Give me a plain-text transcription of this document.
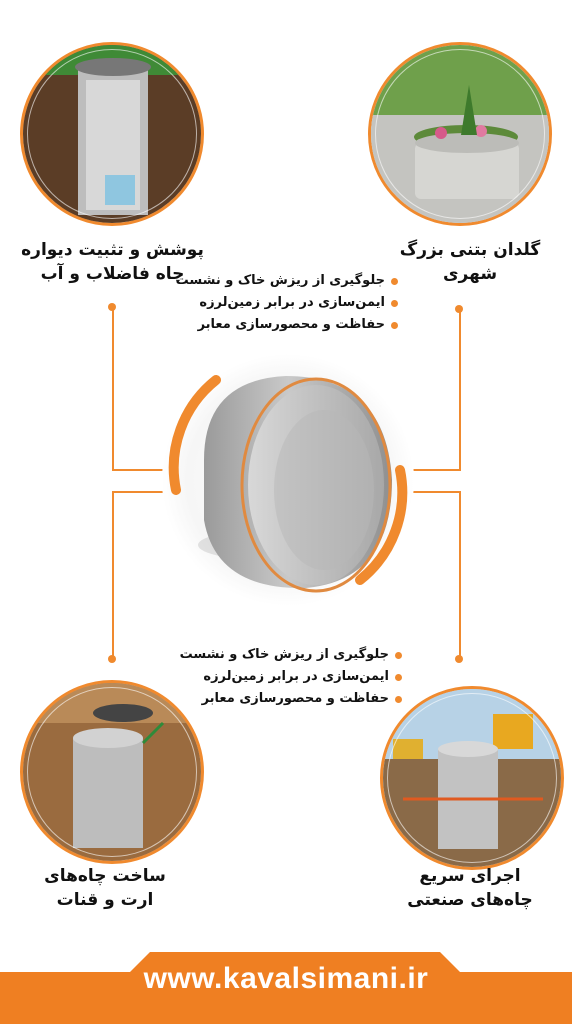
پوشش و تثبیت دیواره
چاه فاضلاب و آب
گلدان بتنی بزرگ
شهری
ساخت چاه‌های
ارت و قنات
اجرای سریع
چاه‌های صنعتی
جلوگیری از ریزش خاک و نشست
ایمن‌سازی در برابر زمین‌لرزه
حفاظت و محصورسازی معابر
جلوگیری از ریزش خاک و نشست
ایمن‌سازی در برابر زمین‌لرزه
حفاظت و محصورسازی معابر
www.kavalsimani.ir
